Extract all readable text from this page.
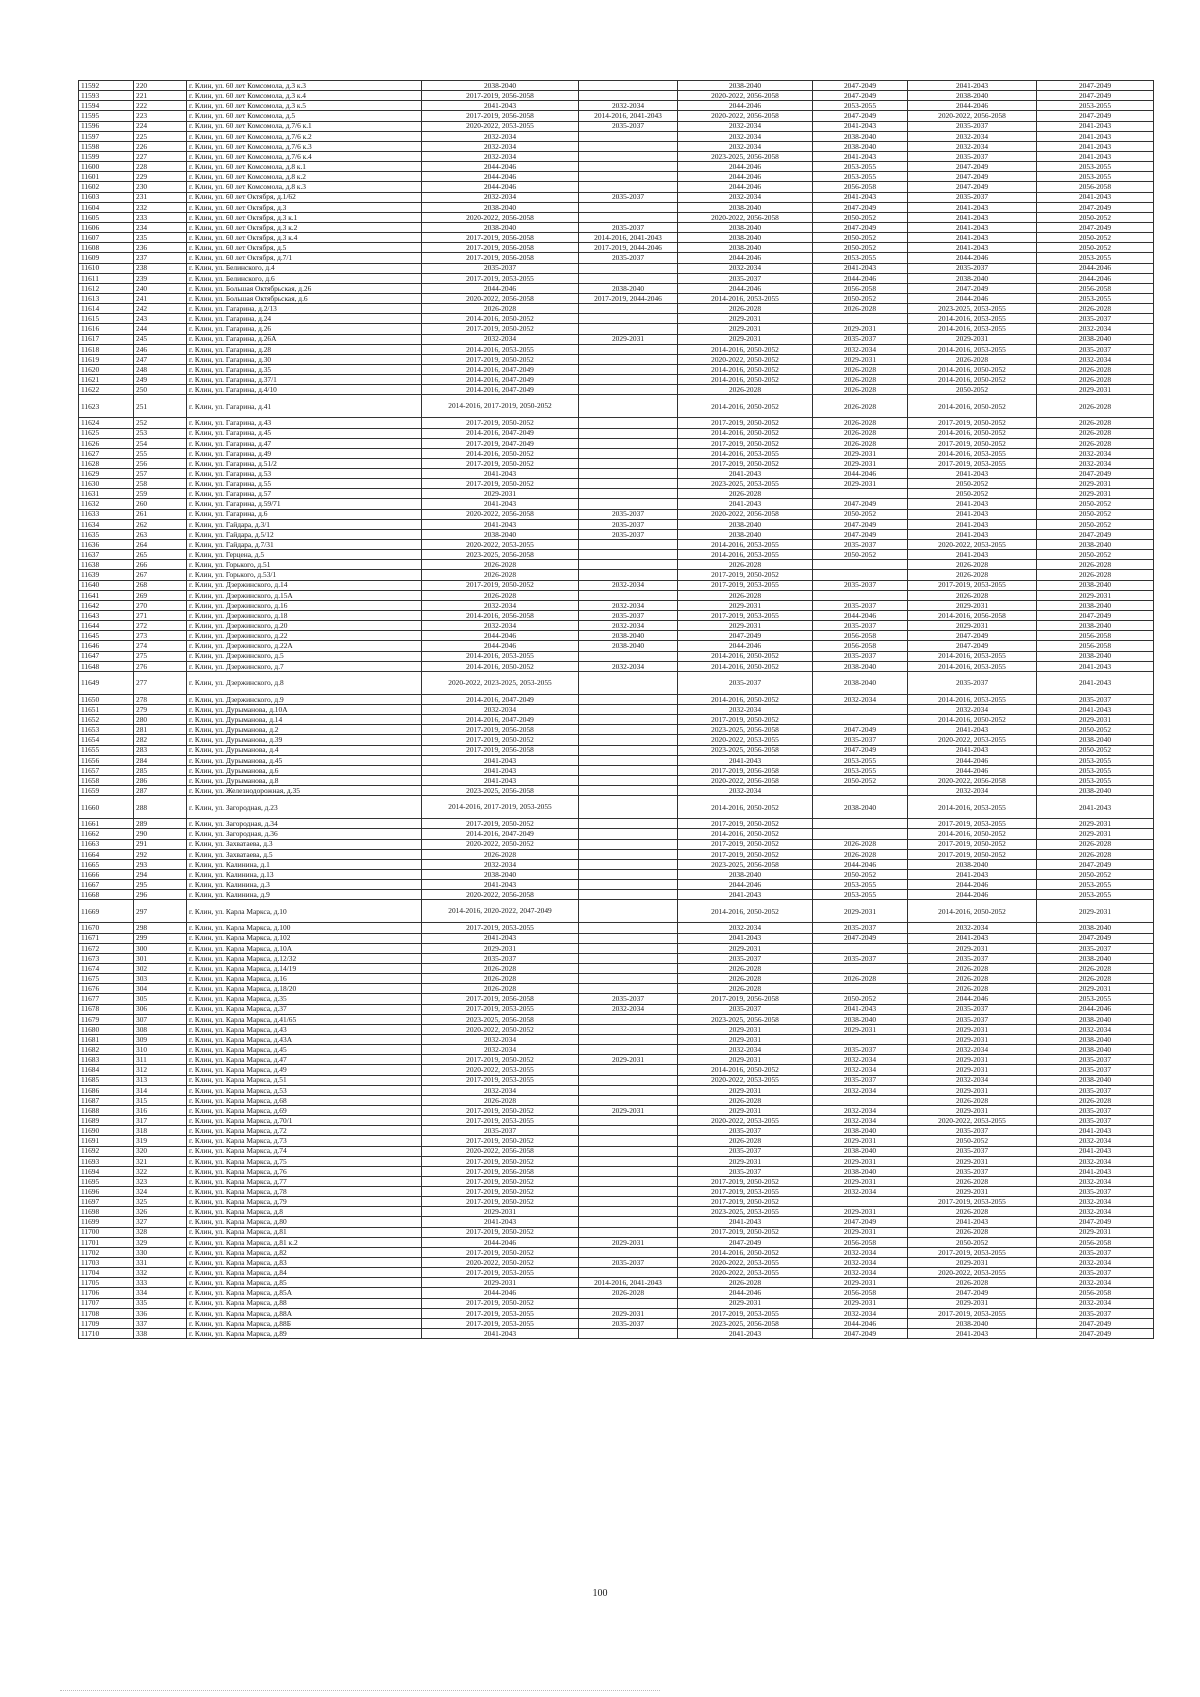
11592	220	г. Клин, ул. 60 лет Комсомола, д.3 к.3	2038-2040		2038-2040	2047-2049	2041-2043	2047-2049
11593	221	г. Клин, ул. 60 лет Комсомола, д.3 к.4	2017-2019, 2056-2058		2020-2022, 2056-2058	2047-2049	2038-2040	2047-2049
11594	222	г. Клин, ул. 60 лет Комсомола, д.3 к.5	2041-2043	2032-2034	2044-2046	2053-2055	2044-2046	2053-2055
11595	223	г. Клин, ул. 60 лет Комсомола, д.5	2017-2019, 2056-2058	2014-2016, 2041-2043	2020-2022, 2056-2058	2047-2049	2020-2022, 2056-2058	2047-2049
11596	224	г. Клин, ул. 60 лет Комсомола, д.7/6 к.1	2020-2022, 2053-2055	2035-2037	2032-2034	2041-2043	2035-2037	2041-2043
11597	225	г. Клин, ул. 60 лет Комсомола, д.7/6 к.2	2032-2034		2032-2034	2038-2040	2032-2034	2041-2043
11598	226	г. Клин, ул. 60 лет Комсомола, д.7/6 к.3	2032-2034		2032-2034	2038-2040	2032-2034	2041-2043
11599	227	г. Клин, ул. 60 лет Комсомола, д.7/6 к.4	2032-2034		2023-2025, 2056-2058	2041-2043	2035-2037	2041-2043
11600	228	г. Клин, ул. 60 лет Комсомола, д.8 к.1	2044-2046		2044-2046	2053-2055	2047-2049	2053-2055
11601	229	г. Клин, ул. 60 лет Комсомола, д.8 к.2	2044-2046		2044-2046	2053-2055	2047-2049	2053-2055
11602	230	г. Клин, ул. 60 лет Комсомола, д.8 к.3	2044-2046		2044-2046	2056-2058	2047-2049	2056-2058
11603	231	г. Клин, ул. 60 лет Октября, д.1/62	2032-2034	2035-2037	2032-2034	2041-2043	2035-2037	2041-2043
11604	232	г. Клин, ул. 60 лет Октября, д.3	2038-2040		2038-2040	2047-2049	2041-2043	2047-2049
11605	233	г. Клин, ул. 60 лет Октября, д.3 к.1	2020-2022, 2056-2058		2020-2022, 2056-2058	2050-2052	2041-2043	2050-2052
11606	234	г. Клин, ул. 60 лет Октября, д.3 к.2	2038-2040	2035-2037	2038-2040	2047-2049	2041-2043	2047-2049
11607	235	г. Клин, ул. 60 лет Октября, д.3 к.4	2017-2019, 2056-2058	2014-2016, 2041-2043	2038-2040	2050-2052	2041-2043	2050-2052
11608	236	г. Клин, ул. 60 лет Октября, д.5	2017-2019, 2056-2058	2017-2019, 2044-2046	2038-2040	2050-2052	2041-2043	2050-2052
11609	237	г. Клин, ул. 60 лет Октября, д.7/1	2017-2019, 2056-2058	2035-2037	2044-2046	2053-2055	2044-2046	2053-2055
11610	238	г. Клин, ул. Белинского, д.4	2035-2037		2032-2034	2041-2043	2035-2037	2044-2046
11611	239	г. Клин, ул. Белинского, д.6	2017-2019, 2053-2055		2035-2037	2044-2046	2038-2040	2044-2046
11612	240	г. Клин, ул. Большая Октябрьская, д.26	2044-2046	2038-2040	2044-2046	2056-2058	2047-2049	2056-2058
11613	241	г. Клин, ул. Большая Октябрьская, д.6	2020-2022, 2056-2058	2017-2019, 2044-2046	2014-2016, 2053-2055	2050-2052	2044-2046	2053-2055
11614	242	г. Клин, ул. Гагарина, д.2/13	2026-2028		2026-2028	2026-2028	2023-2025, 2053-2055	2026-2028
11615	243	г. Клин, ул. Гагарина, д.24	2014-2016, 2050-2052		2029-2031		2014-2016, 2053-2055	2035-2037
11616	244	г. Клин, ул. Гагарина, д.26	2017-2019, 2050-2052		2029-2031	2029-2031	2014-2016, 2053-2055	2032-2034
11617	245	г. Клин, ул. Гагарина, д.26А	2032-2034	2029-2031	2029-2031	2035-2037	2029-2031	2038-2040
11618	246	г. Клин, ул. Гагарина, д.28	2014-2016, 2053-2055		2014-2016, 2050-2052	2032-2034	2014-2016, 2053-2055	2035-2037
11619	247	г. Клин, ул. Гагарина, д.30	2017-2019, 2050-2052		2020-2022, 2050-2052	2029-2031	2026-2028	2032-2034
11620	248	г. Клин, ул. Гагарина, д.35	2014-2016, 2047-2049		2014-2016, 2050-2052	2026-2028	2014-2016, 2050-2052	2026-2028
11621	249	г. Клин, ул. Гагарина, д.37/1	2014-2016, 2047-2049		2014-2016, 2050-2052	2026-2028	2014-2016, 2050-2052	2026-2028
11622	250	г. Клин, ул. Гагарина, д.4/10	2014-2016, 2047-2049		2026-2028	2026-2028	2050-2052	2029-2031
11623	251	г. Клин, ул. Гагарина, д.41	2014-2016, 2017-2019, 2050-2052		2014-2016, 2050-2052	2026-2028	2014-2016, 2050-2052	2026-2028
11624	252	г. Клин, ул. Гагарина, д.43	2017-2019, 2050-2052		2017-2019, 2050-2052	2026-2028	2017-2019, 2050-2052	2026-2028
11625	253	г. Клин, ул. Гагарина, д.45	2014-2016, 2047-2049		2014-2016, 2050-2052	2026-2028	2014-2016, 2050-2052	2026-2028
11626	254	г. Клин, ул. Гагарина, д.47	2017-2019, 2047-2049		2017-2019, 2050-2052	2026-2028	2017-2019, 2050-2052	2026-2028
11627	255	г. Клин, ул. Гагарина, д.49	2014-2016, 2050-2052		2014-2016, 2053-2055	2029-2031	2014-2016, 2053-2055	2032-2034
11628	256	г. Клин, ул. Гагарина, д.51/2	2017-2019, 2050-2052		2017-2019, 2050-2052	2029-2031	2017-2019, 2053-2055	2032-2034
11629	257	г. Клин, ул. Гагарина, д.53	2041-2043		2041-2043	2044-2046	2041-2043	2047-2049
11630	258	г. Клин, ул. Гагарина, д.55	2017-2019, 2050-2052		2023-2025, 2053-2055	2029-2031	2050-2052	2029-2031
11631	259	г. Клин, ул. Гагарина, д.57	2029-2031		2026-2028		2050-2052	2029-2031
11632	260	г. Клин, ул. Гагарина, д.59/71	2041-2043		2041-2043	2047-2049	2041-2043	2050-2052
11633	261	г. Клин, ул. Гагарина, д.6	2020-2022, 2056-2058	2035-2037	2020-2022, 2056-2058	2050-2052	2041-2043	2050-2052
11634	262	г. Клин, ул. Гайдара, д.3/1	2041-2043	2035-2037	2038-2040	2047-2049	2041-2043	2050-2052
11635	263	г. Клин, ул. Гайдара, д.5/12	2038-2040	2035-2037	2038-2040	2047-2049	2041-2043	2047-2049
11636	264	г. Клин, ул. Гайдара, д.7/31	2020-2022, 2053-2055		2014-2016, 2053-2055	2035-2037	2020-2022, 2053-2055	2038-2040
11637	265	г. Клин, ул. Герцена, д.5	2023-2025, 2056-2058		2014-2016, 2053-2055	2050-2052	2041-2043	2050-2052
11638	266	г. Клин, ул. Горького, д.51	2026-2028		2026-2028		2026-2028	2026-2028
11639	267	г. Клин, ул. Горького, д.53/1	2026-2028		2017-2019, 2050-2052		2026-2028	2026-2028
11640	268	г. Клин, ул. Дзержинского, д.14	2017-2019, 2050-2052	2032-2034	2017-2019, 2053-2055	2035-2037	2017-2019, 2053-2055	2038-2040
11641	269	г. Клин, ул. Дзержинского, д.15А	2026-2028		2026-2028		2026-2028	2029-2031
11642	270	г. Клин, ул. Дзержинского, д.16	2032-2034	2032-2034	2029-2031	2035-2037	2029-2031	2038-2040
11643	271	г. Клин, ул. Дзержинского, д.18	2014-2016, 2056-2058	2035-2037	2017-2019, 2053-2055	2044-2046	2014-2016, 2056-2058	2047-2049
11644	272	г. Клин, ул. Дзержинского, д.20	2032-2034	2032-2034	2029-2031	2035-2037	2029-2031	2038-2040
11645	273	г. Клин, ул. Дзержинского, д.22	2044-2046	2038-2040	2047-2049	2056-2058	2047-2049	2056-2058
11646	274	г. Клин, ул. Дзержинского, д.22А	2044-2046	2038-2040	2044-2046	2056-2058	2047-2049	2056-2058
11647	275	г. Клин, ул. Дзержинского, д.5	2014-2016, 2053-2055		2014-2016, 2050-2052	2035-2037	2014-2016, 2053-2055	2038-2040
11648	276	г. Клин, ул. Дзержинского, д.7	2014-2016, 2050-2052	2032-2034	2014-2016, 2050-2052	2038-2040	2014-2016, 2053-2055	2041-2043
11649	277	г. Клин, ул. Дзержинского, д.8	2020-2022, 2023-2025, 2053-2055		2035-2037	2038-2040	2035-2037	2041-2043
11650	278	г. Клин, ул. Дзержинского, д.9	2014-2016, 2047-2049		2014-2016, 2050-2052	2032-2034	2014-2016, 2053-2055	2035-2037
11651	279	г. Клин, ул. Дурыманова, д.10А	2032-2034		2032-2034		2032-2034	2041-2043
11652	280	г. Клин, ул. Дурыманова, д.14	2014-2016, 2047-2049		2017-2019, 2050-2052		2014-2016, 2050-2052	2029-2031
11653	281	г. Клин, ул. Дурыманова, д.2	2017-2019, 2056-2058		2023-2025, 2056-2058	2047-2049	2041-2043	2050-2052
11654	282	г. Клин, ул. Дурыманова, д.39	2017-2019, 2050-2052		2020-2022, 2053-2055	2035-2037	2020-2022, 2053-2055	2038-2040
11655	283	г. Клин, ул. Дурыманова, д.4	2017-2019, 2056-2058		2023-2025, 2056-2058	2047-2049	2041-2043	2050-2052
11656	284	г. Клин, ул. Дурыманова, д.45	2041-2043		2041-2043	2053-2055	2044-2046	2053-2055
11657	285	г. Клин, ул. Дурыманова, д.6	2041-2043		2017-2019, 2056-2058	2053-2055	2044-2046	2053-2055
11658	286	г. Клин, ул. Дурыманова, д.8	2041-2043		2020-2022, 2056-2058	2050-2052	2020-2022, 2056-2058	2053-2055
11659	287	г. Клин, ул. Железнодорожная, д.35	2023-2025, 2056-2058		2032-2034		2032-2034	2038-2040
11660	288	г. Клин, ул. Загородная, д.23	2014-2016, 2017-2019, 2053-2055		2014-2016, 2050-2052	2038-2040	2014-2016, 2053-2055	2041-2043
11661	289	г. Клин, ул. Загородная, д.34	2017-2019, 2050-2052		2017-2019, 2050-2052		2017-2019, 2053-2055	2029-2031
11662	290	г. Клин, ул. Загородная, д.36	2014-2016, 2047-2049		2014-2016, 2050-2052		2014-2016, 2050-2052	2029-2031
11663	291	г. Клин, ул. Захватаева, д.3	2020-2022, 2050-2052		2017-2019, 2050-2052	2026-2028	2017-2019, 2050-2052	2026-2028
11664	292	г. Клин, ул. Захватаева, д.5	2026-2028		2017-2019, 2050-2052	2026-2028	2017-2019, 2050-2052	2026-2028
11665	293	г. Клин, ул. Калинина, д.1	2032-2034		2023-2025, 2056-2058	2044-2046	2038-2040	2047-2049
11666	294	г. Клин, ул. Калинина, д.13	2038-2040		2038-2040	2050-2052	2041-2043	2050-2052
11667	295	г. Клин, ул. Калинина, д.3	2041-2043		2044-2046	2053-2055	2044-2046	2053-2055
11668	296	г. Клин, ул. Калинина, д.9	2020-2022, 2056-2058		2041-2043	2053-2055	2044-2046	2053-2055
11669	297	г. Клин, ул. Карла Маркса, д.10	2014-2016, 2020-2022, 2047-2049		2014-2016, 2050-2052	2029-2031	2014-2016, 2050-2052	2029-2031
11670	298	г. Клин, ул. Карла Маркса, д.100	2017-2019, 2053-2055		2032-2034	2035-2037	2032-2034	2038-2040
11671	299	г. Клин, ул. Карла Маркса, д.102	2041-2043		2041-2043	2047-2049	2041-2043	2047-2049
11672	300	г. Клин, ул. Карла Маркса, д.10А	2029-2031		2029-2031		2029-2031	2035-2037
11673	301	г. Клин, ул. Карла Маркса, д.12/32	2035-2037		2035-2037	2035-2037	2035-2037	2038-2040
11674	302	г. Клин, ул. Карла Маркса, д.14/19	2026-2028		2026-2028		2026-2028	2026-2028
11675	303	г. Клин, ул. Карла Маркса, д.16	2026-2028		2026-2028	2026-2028	2026-2028	2026-2028
11676	304	г. Клин, ул. Карла Маркса, д.18/20	2026-2028		2026-2028		2026-2028	2029-2031
11677	305	г. Клин, ул. Карла Маркса, д.35	2017-2019, 2056-2058	2035-2037	2017-2019, 2056-2058	2050-2052	2044-2046	2053-2055
11678	306	г. Клин, ул. Карла Маркса, д.37	2017-2019, 2053-2055	2032-2034	2035-2037	2041-2043	2035-2037	2044-2046
11679	307	г. Клин, ул. Карла Маркса, д.41/65	2023-2025, 2056-2058		2023-2025, 2056-2058	2038-2040	2035-2037	2038-2040
11680	308	г. Клин, ул. Карла Маркса, д.43	2020-2022, 2050-2052		2029-2031	2029-2031	2029-2031	2032-2034
11681	309	г. Клин, ул. Карла Маркса, д.43А	2032-2034		2029-2031		2029-2031	2038-2040
11682	310	г. Клин, ул. Карла Маркса, д.45	2032-2034		2032-2034	2035-2037	2032-2034	2038-2040
11683	311	г. Клин, ул. Карла Маркса, д.47	2017-2019, 2050-2052	2029-2031	2029-2031	2032-2034	2029-2031	2035-2037
11684	312	г. Клин, ул. Карла Маркса, д.49	2020-2022, 2053-2055		2014-2016, 2050-2052	2032-2034	2029-2031	2035-2037
11685	313	г. Клин, ул. Карла Маркса, д.51	2017-2019, 2053-2055		2020-2022, 2053-2055	2035-2037	2032-2034	2038-2040
11686	314	г. Клин, ул. Карла Маркса, д.53	2032-2034		2029-2031	2032-2034	2029-2031	2035-2037
11687	315	г. Клин, ул. Карла Маркса, д.68	2026-2028		2026-2028		2026-2028	2026-2028
11688	316	г. Клин, ул. Карла Маркса, д.69	2017-2019, 2050-2052	2029-2031	2029-2031	2032-2034	2029-2031	2035-2037
11689	317	г. Клин, ул. Карла Маркса, д.70/1	2017-2019, 2053-2055		2020-2022, 2053-2055	2032-2034	2020-2022, 2053-2055	2035-2037
11690	318	г. Клин, ул. Карла Маркса, д.72	2035-2037		2035-2037	2038-2040	2035-2037	2041-2043
11691	319	г. Клин, ул. Карла Маркса, д.73	2017-2019, 2050-2052		2026-2028	2029-2031	2050-2052	2032-2034
11692	320	г. Клин, ул. Карла Маркса, д.74	2020-2022, 2056-2058		2035-2037	2038-2040	2035-2037	2041-2043
11693	321	г. Клин, ул. Карла Маркса, д.75	2017-2019, 2050-2052		2029-2031	2029-2031	2029-2031	2032-2034
11694	322	г. Клин, ул. Карла Маркса, д.76	2017-2019, 2056-2058		2035-2037	2038-2040	2035-2037	2041-2043
11695	323	г. Клин, ул. Карла Маркса, д.77	2017-2019, 2050-2052		2017-2019, 2050-2052	2029-2031	2026-2028	2032-2034
11696	324	г. Клин, ул. Карла Маркса, д.78	2017-2019, 2050-2052		2017-2019, 2053-2055	2032-2034	2029-2031	2035-2037
11697	325	г. Клин, ул. Карла Маркса, д.79	2017-2019, 2050-2052		2017-2019, 2050-2052		2017-2019, 2053-2055	2032-2034
11698	326	г. Клин, ул. Карла Маркса, д.8	2029-2031		2023-2025, 2053-2055	2029-2031	2026-2028	2032-2034
11699	327	г. Клин, ул. Карла Маркса, д.80	2041-2043		2041-2043	2047-2049	2041-2043	2047-2049
11700	328	г. Клин, ул. Карла Маркса, д.81	2017-2019, 2050-2052		2017-2019, 2050-2052	2029-2031	2026-2028	2029-2031
11701	329	г. Клин, ул. Карла Маркса, д.81 к.2	2044-2046	2029-2031	2047-2049	2056-2058	2050-2052	2056-2058
11702	330	г. Клин, ул. Карла Маркса, д.82	2017-2019, 2050-2052		2014-2016, 2050-2052	2032-2034	2017-2019, 2053-2055	2035-2037
11703	331	г. Клин, ул. Карла Маркса, д.83	2020-2022, 2050-2052	2035-2037	2020-2022, 2053-2055	2032-2034	2029-2031	2032-2034
11704	332	г. Клин, ул. Карла Маркса, д.84	2017-2019, 2053-2055		2020-2022, 2053-2055	2032-2034	2020-2022, 2053-2055	2035-2037
11705	333	г. Клин, ул. Карла Маркса, д.85	2029-2031	2014-2016, 2041-2043	2026-2028	2029-2031	2026-2028	2032-2034
11706	334	г. Клин, ул. Карла Маркса, д.85А	2044-2046	2026-2028	2044-2046	2056-2058	2047-2049	2056-2058
11707	335	г. Клин, ул. Карла Маркса, д.88	2017-2019, 2050-2052		2029-2031	2029-2031	2029-2031	2032-2034
11708	336	г. Клин, ул. Карла Маркса, д.88А	2017-2019, 2053-2055	2029-2031	2017-2019, 2053-2055	2032-2034	2017-2019, 2053-2055	2035-2037
11709	337	г. Клин, ул. Карла Маркса, д.88Б	2017-2019, 2053-2055	2035-2037	2023-2025, 2056-2058	2044-2046	2038-2040	2047-2049
11710	338	г. Клин, ул. Карла Маркса, д.89	2041-2043		2041-2043	2047-2049	2041-2043	2047-2049
100
